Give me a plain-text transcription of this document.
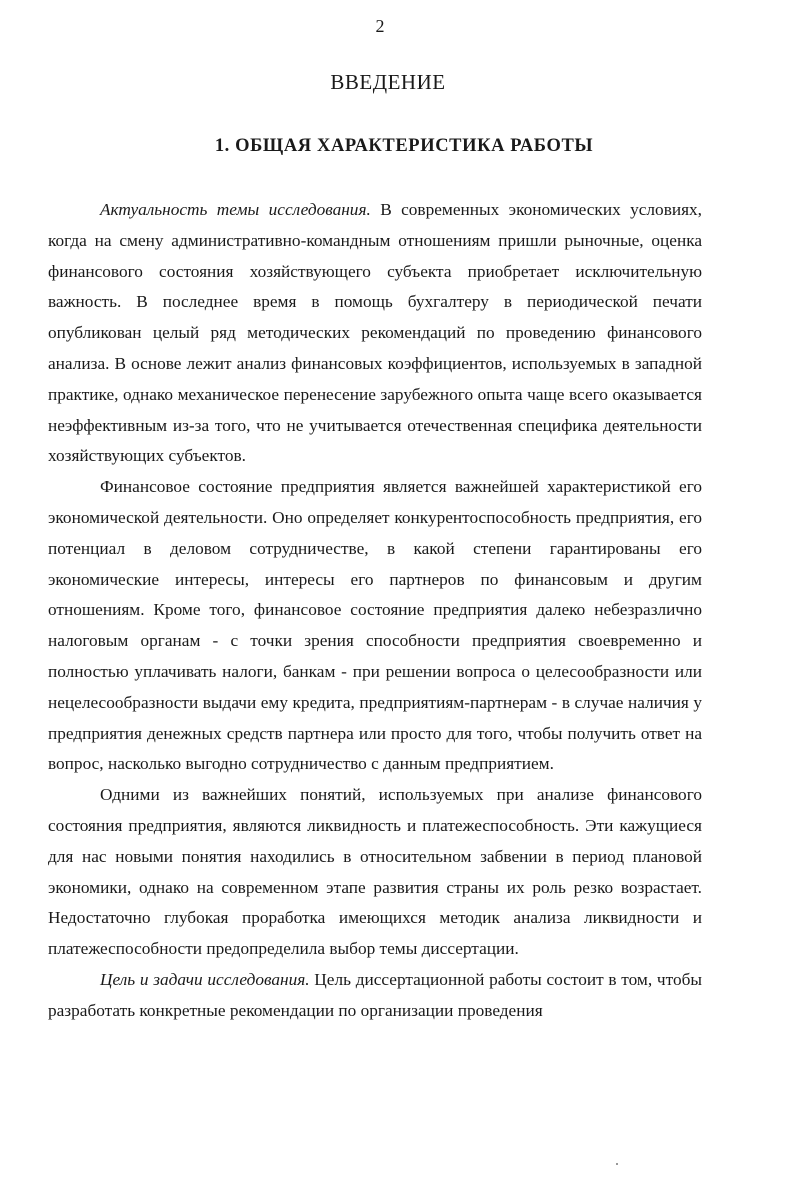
2
ВВЕДЕНИЕ
1. ОБЩАЯ ХАРАКТЕРИСТИКА РАБОТЫ

Актуальность темы исследования. В современных экономических условиях, когда на смену административно-командным отношениям пришли рыночные, оценка финансового состояния хозяйствующего субъекта приобретает исключительную важность. В последнее время в помощь бухгалтеру в периодической печати опубликован целый ряд методических рекомендаций по проведению финансового анализа. В основе лежит анализ финансовых коэффициентов, используемых в западной практике, однако механическое перенесение зарубежного опыта чаще всего оказывается неэффективным из-за того, что не учитывается отечественная специфика деятельности хозяйствующих субъектов.

Финансовое состояние предприятия является важнейшей характеристикой его экономической деятельности. Оно определяет конкурентоспособность предприятия, его потенциал в деловом сотрудничестве, в какой степени гарантированы его экономические интересы, интересы его партнеров по финансовым и другим отношениям. Кроме того, финансовое состояние предприятия далеко небезразлично налоговым органам - с точки зрения способности предприятия своевременно и полностью уплачивать налоги, банкам - при решении вопроса о целесообразности или нецелесообразности выдачи ему кредита, предприятиям-партнерам - в случае наличия у предприятия денежных средств партнера или просто для того, чтобы получить ответ на вопрос, насколько выгодно сотрудничество с данным предприятием.

Одними из важнейших понятий, используемых при анализе финансового состояния предприятия, являются ликвидность и платежеспособность. Эти кажущиеся для нас новыми понятия находились в относительном забвении в период плановой экономики, однако на современном этапе развития страны их роль резко возрастает. Недостаточно глубокая проработка имеющихся методик анализа ликвидности и платежеспособности предопределила выбор темы диссертации.

Цель и задачи исследования. Цель диссертационной работы состоит в том, чтобы разработать конкретные рекомендации по организации проведения
